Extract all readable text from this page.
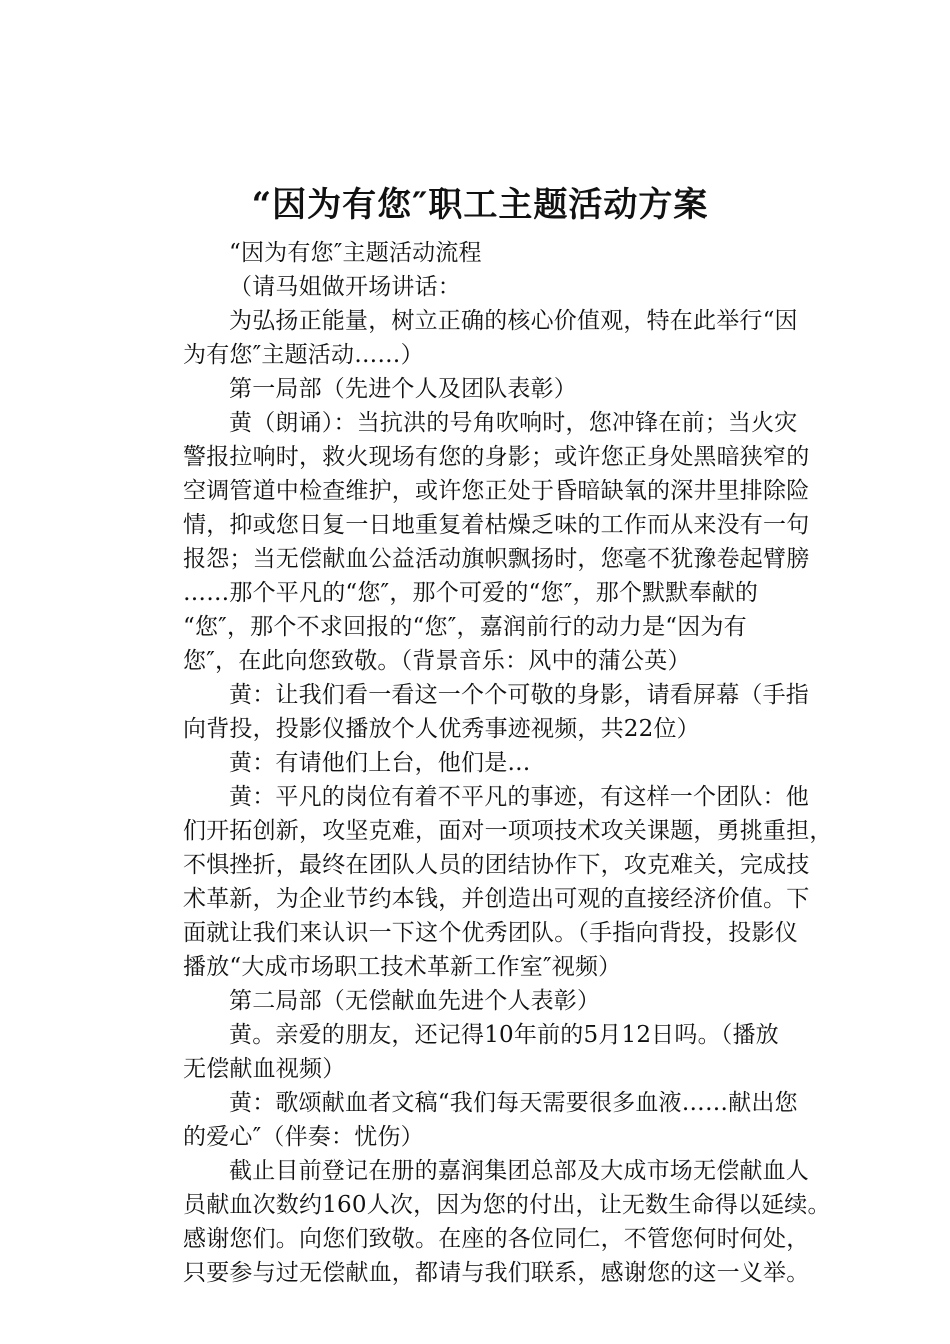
“因为有您″职工主题活动方案

“因为有您″主题活动流程

（请马姐做开场讲话：

为弘扬正能量，树立正确的核心价值观，特在此举行“因
为有您″主题活动……）

第一局部（先进个人及团队表彰）

黄（朗诵）：当抗洪的号角吹响时，您冲锋在前；当火灾
警报拉响时，救火现场有您的身影；或许您正身处黑暗狭窄的
空调管道中检查维护，或许您正处于昏暗缺氧的深井里排除险
情，抑或您日复一日地重复着枯燥乏味的工作而从来没有一句
报怨；当无偿献血公益活动旗帜飘扬时，您毫不犹豫卷起臂膀
……那个平凡的“您″，那个可爱的“您″，那个默默奉献的
“您″，那个不求回报的“您″，嘉润前行的动力是“因为有
您″，在此向您致敬。（背景音乐：风中的蒲公英）

黄：让我们看一看这一个个可敬的身影，请看屏幕（手指
向背投，投影仪播放个人优秀事迹视频，共22位）

黄：有请他们上台，他们是…

黄：平凡的岗位有着不平凡的事迹，有这样一个团队：他
们开拓创新，攻坚克难，面对一项项技术攻关课题，勇挑重担，
不惧挫折，最终在团队人员的团结协作下，攻克难关，完成技
术革新，为企业节约本钱，并创造出可观的直接经济价值。下
面就让我们来认识一下这个优秀团队。（手指向背投，投影仪
播放“大成市场职工技术革新工作室″视频）

第二局部（无偿献血先进个人表彰）

黄。亲爱的朋友，还记得10年前的5月12日吗。（播放
无偿献血视频）

黄：歌颂献血者文稿“我们每天需要很多血液……献出您
的爱心″（伴奏：忧伤）

截止目前登记在册的嘉润集团总部及大成市场无偿献血人
员献血次数约160人次，因为您的付出，让无数生命得以延续。
感谢您们。向您们致敬。在座的各位同仁，不管您何时何处，
只要参与过无偿献血，都请与我们联系，感谢您的这一义举。
